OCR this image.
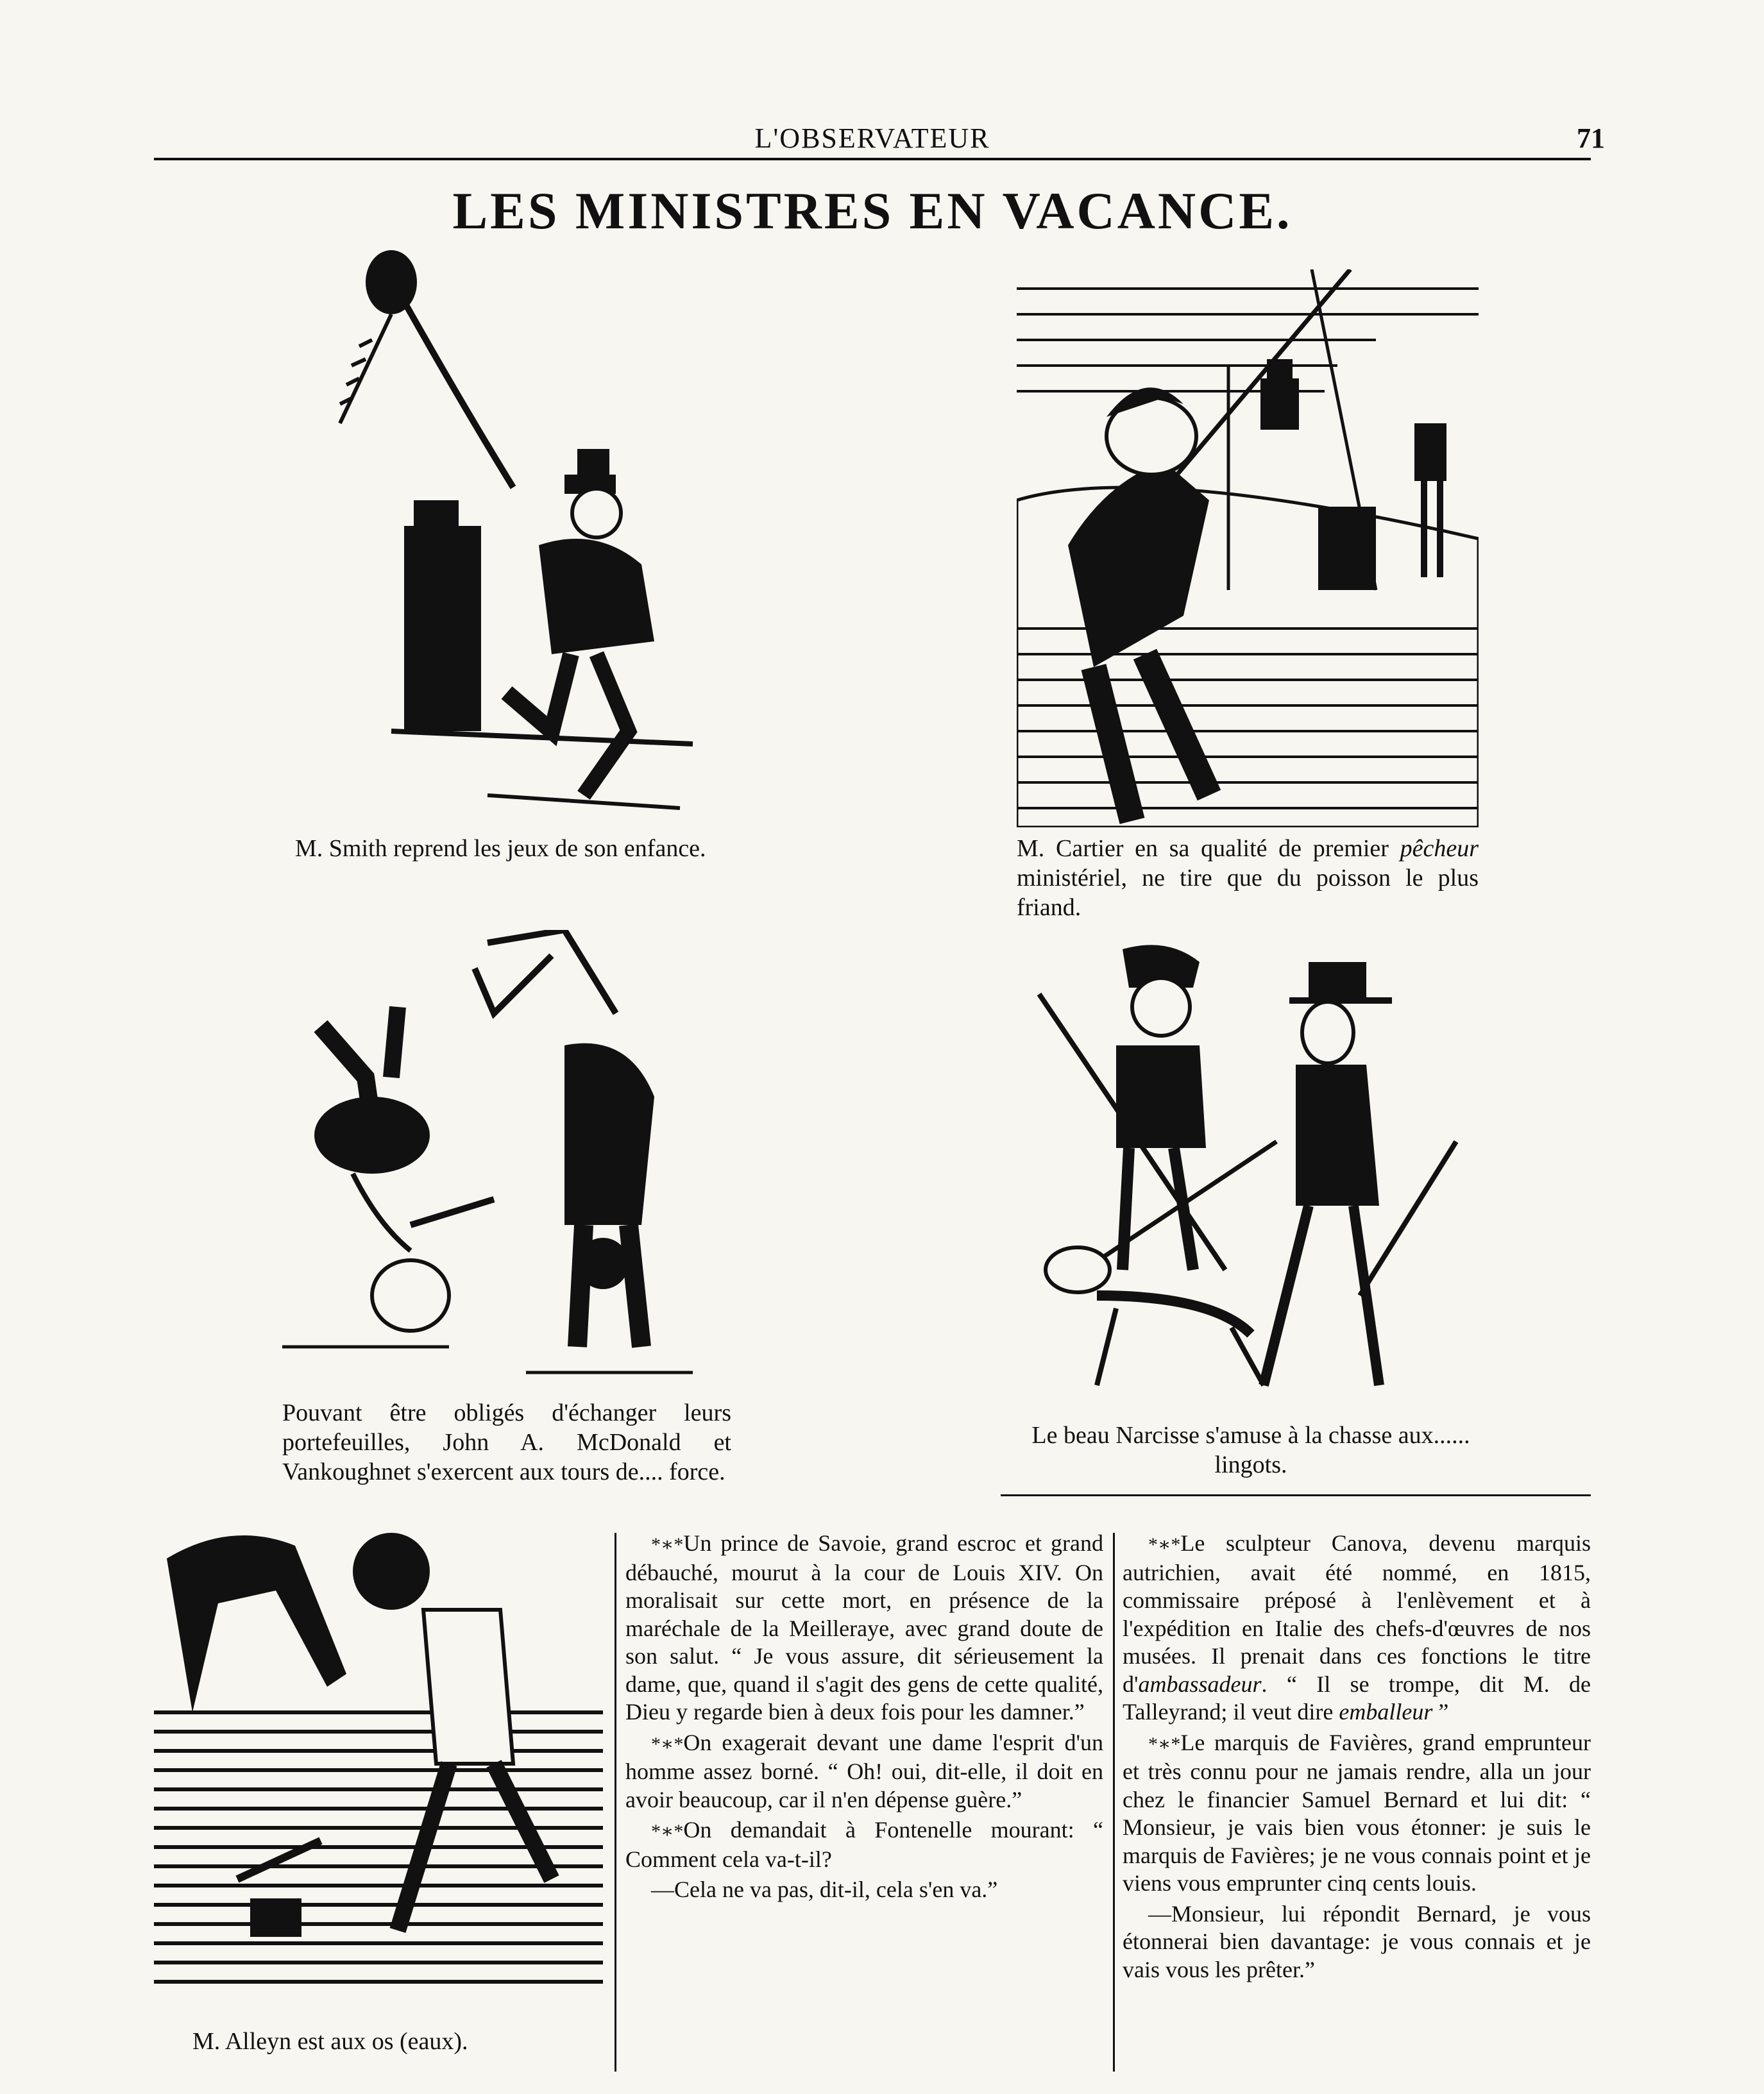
L'OBSERVATEUR	71
LES MINISTRES EN VACANCE.
M. Smith reprend les jeux de son enfance.	M. Cartier en sa qualité de premier pêcheur ministériel, ne tire que du poisson le plus friand.
Pouvant être obligés d'échanger leurs portefeuilles, John A. McDonald et Vankoughnet s'exercent aux tours de.... force.
Le beau Narcisse s'amuse à la chasse aux...... lingots.
M. Alleyn est aux os (eaux).

*∗*Un prince de Savoie, grand escroc et grand débauché, mourut à la cour de Louis XIV. On moralisait sur cette mort, en présence de la maréchale de la Meilleraye, avec grand doute de son salut. “ Je vous assure, dit sérieusement la dame, que, quand il s'agit des gens de cette qualité, Dieu y regarde bien à deux fois pour les damner.”

*∗*On exagerait devant une dame l'esprit d'un homme assez borné. “ Oh! oui, dit-elle, il doit en avoir beaucoup, car il n'en dépense guère.”

*∗*On demandait à Fontenelle mourant: “ Comment cela va-t-il?

—Cela ne va pas, dit-il, cela s'en va.”

*∗*Le sculpteur Canova, devenu marquis autrichien, avait été nommé, en 1815, commissaire préposé à l'enlèvement et à l'expédition en Italie des chefs-d'œuvres de nos musées. Il prenait dans ces fonctions le titre d'ambassadeur. “ Il se trompe, dit M. de Talleyrand; il veut dire emballeur ”

*∗*Le marquis de Favières, grand emprunteur et très connu pour ne jamais rendre, alla un jour chez le financier Samuel Bernard et lui dit: “ Monsieur, je vais bien vous étonner: je suis le marquis de Favières; je ne vous connais point et je viens vous emprunter cinq cents louis.

—Monsieur, lui répondit Bernard, je vous étonnerai bien davantage: je vous connais et je vais vous les prêter.”
